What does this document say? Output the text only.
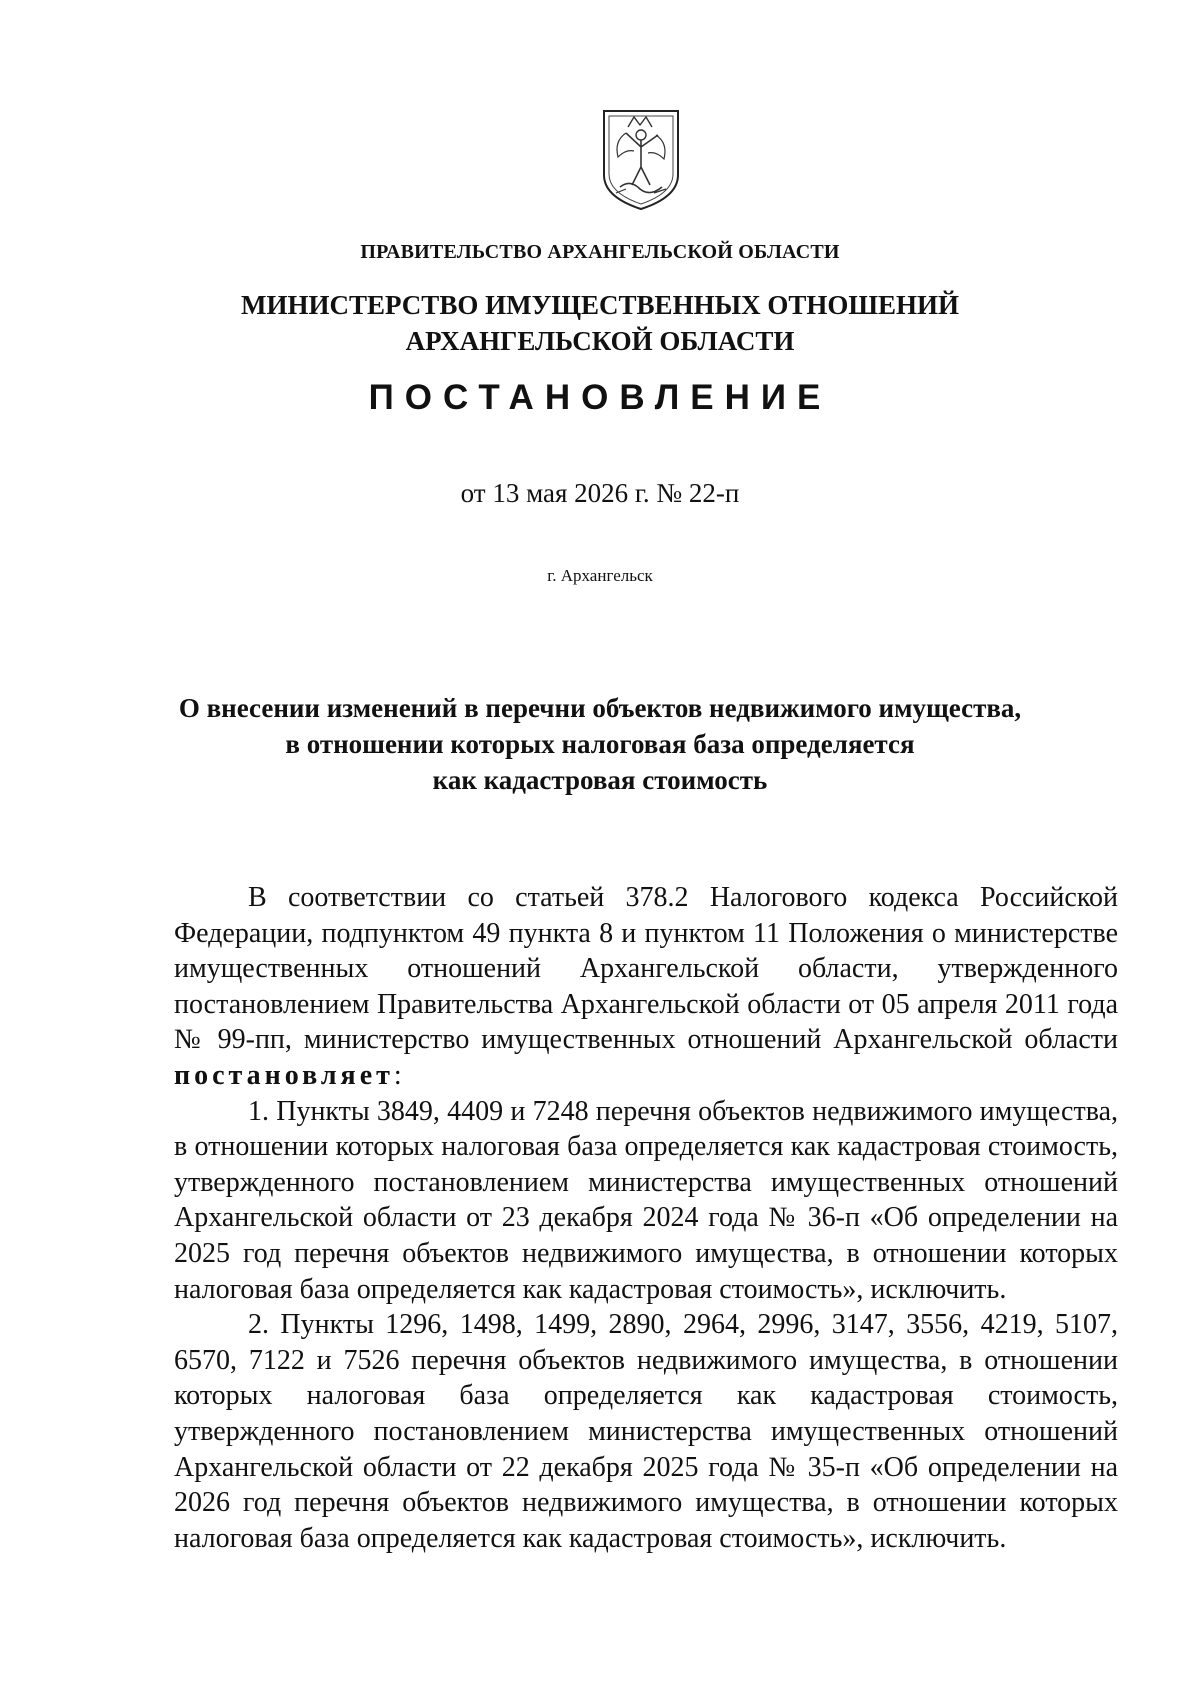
ПРАВИТЕЛЬСТВО АРХАНГЕЛЬСКОЙ ОБЛАСТИ
МИНИСТЕРСТВО ИМУЩЕСТВЕННЫХ ОТНОШЕНИЙ
АРХАНГЕЛЬСКОЙ ОБЛАСТИ
ПОСТАНОВЛЕНИЕ
от 13 мая 2026 г. № 22-п
г. Архангельск
О внесении изменений в перечни объектов недвижимого имущества,
в отношении которых налоговая база определяется
как кадастровая стоимость

В соответствии со статьей 378.2 Налогового кодекса Российской Федерации, подпунктом 49 пункта 8 и пунктом 11 Положения о министерстве имущественных отношений Архангельской области, утвержденного постановлением Правительства Архангельской области от 05 апреля 2011 года № 99-пп, министерство имущественных отношений Архангельской области постановляет:

1. Пункты 3849, 4409 и 7248 перечня объектов недвижимого имущества, в отношении которых налоговая база определяется как кадастровая стоимость, утвержденного постановлением министерства имущественных отношений Архангельской области от 23 декабря 2024 года № 36-п «Об определении на 2025 год перечня объектов недвижимого имущества, в отношении которых налоговая база определяется как кадастровая стоимость», исключить.

2. Пункты 1296, 1498, 1499, 2890, 2964, 2996, 3147, 3556, 4219, 5107, 6570, 7122 и 7526 перечня объектов недвижимого имущества, в отношении которых налоговая база определяется как кадастровая стоимость, утвержденного постановлением министерства имущественных отношений Архангельской области от 22 декабря 2025 года № 35-п «Об определении на 2026 год перечня объектов недвижимого имущества, в отношении которых налоговая база определяется как кадастровая стоимость», исключить.
